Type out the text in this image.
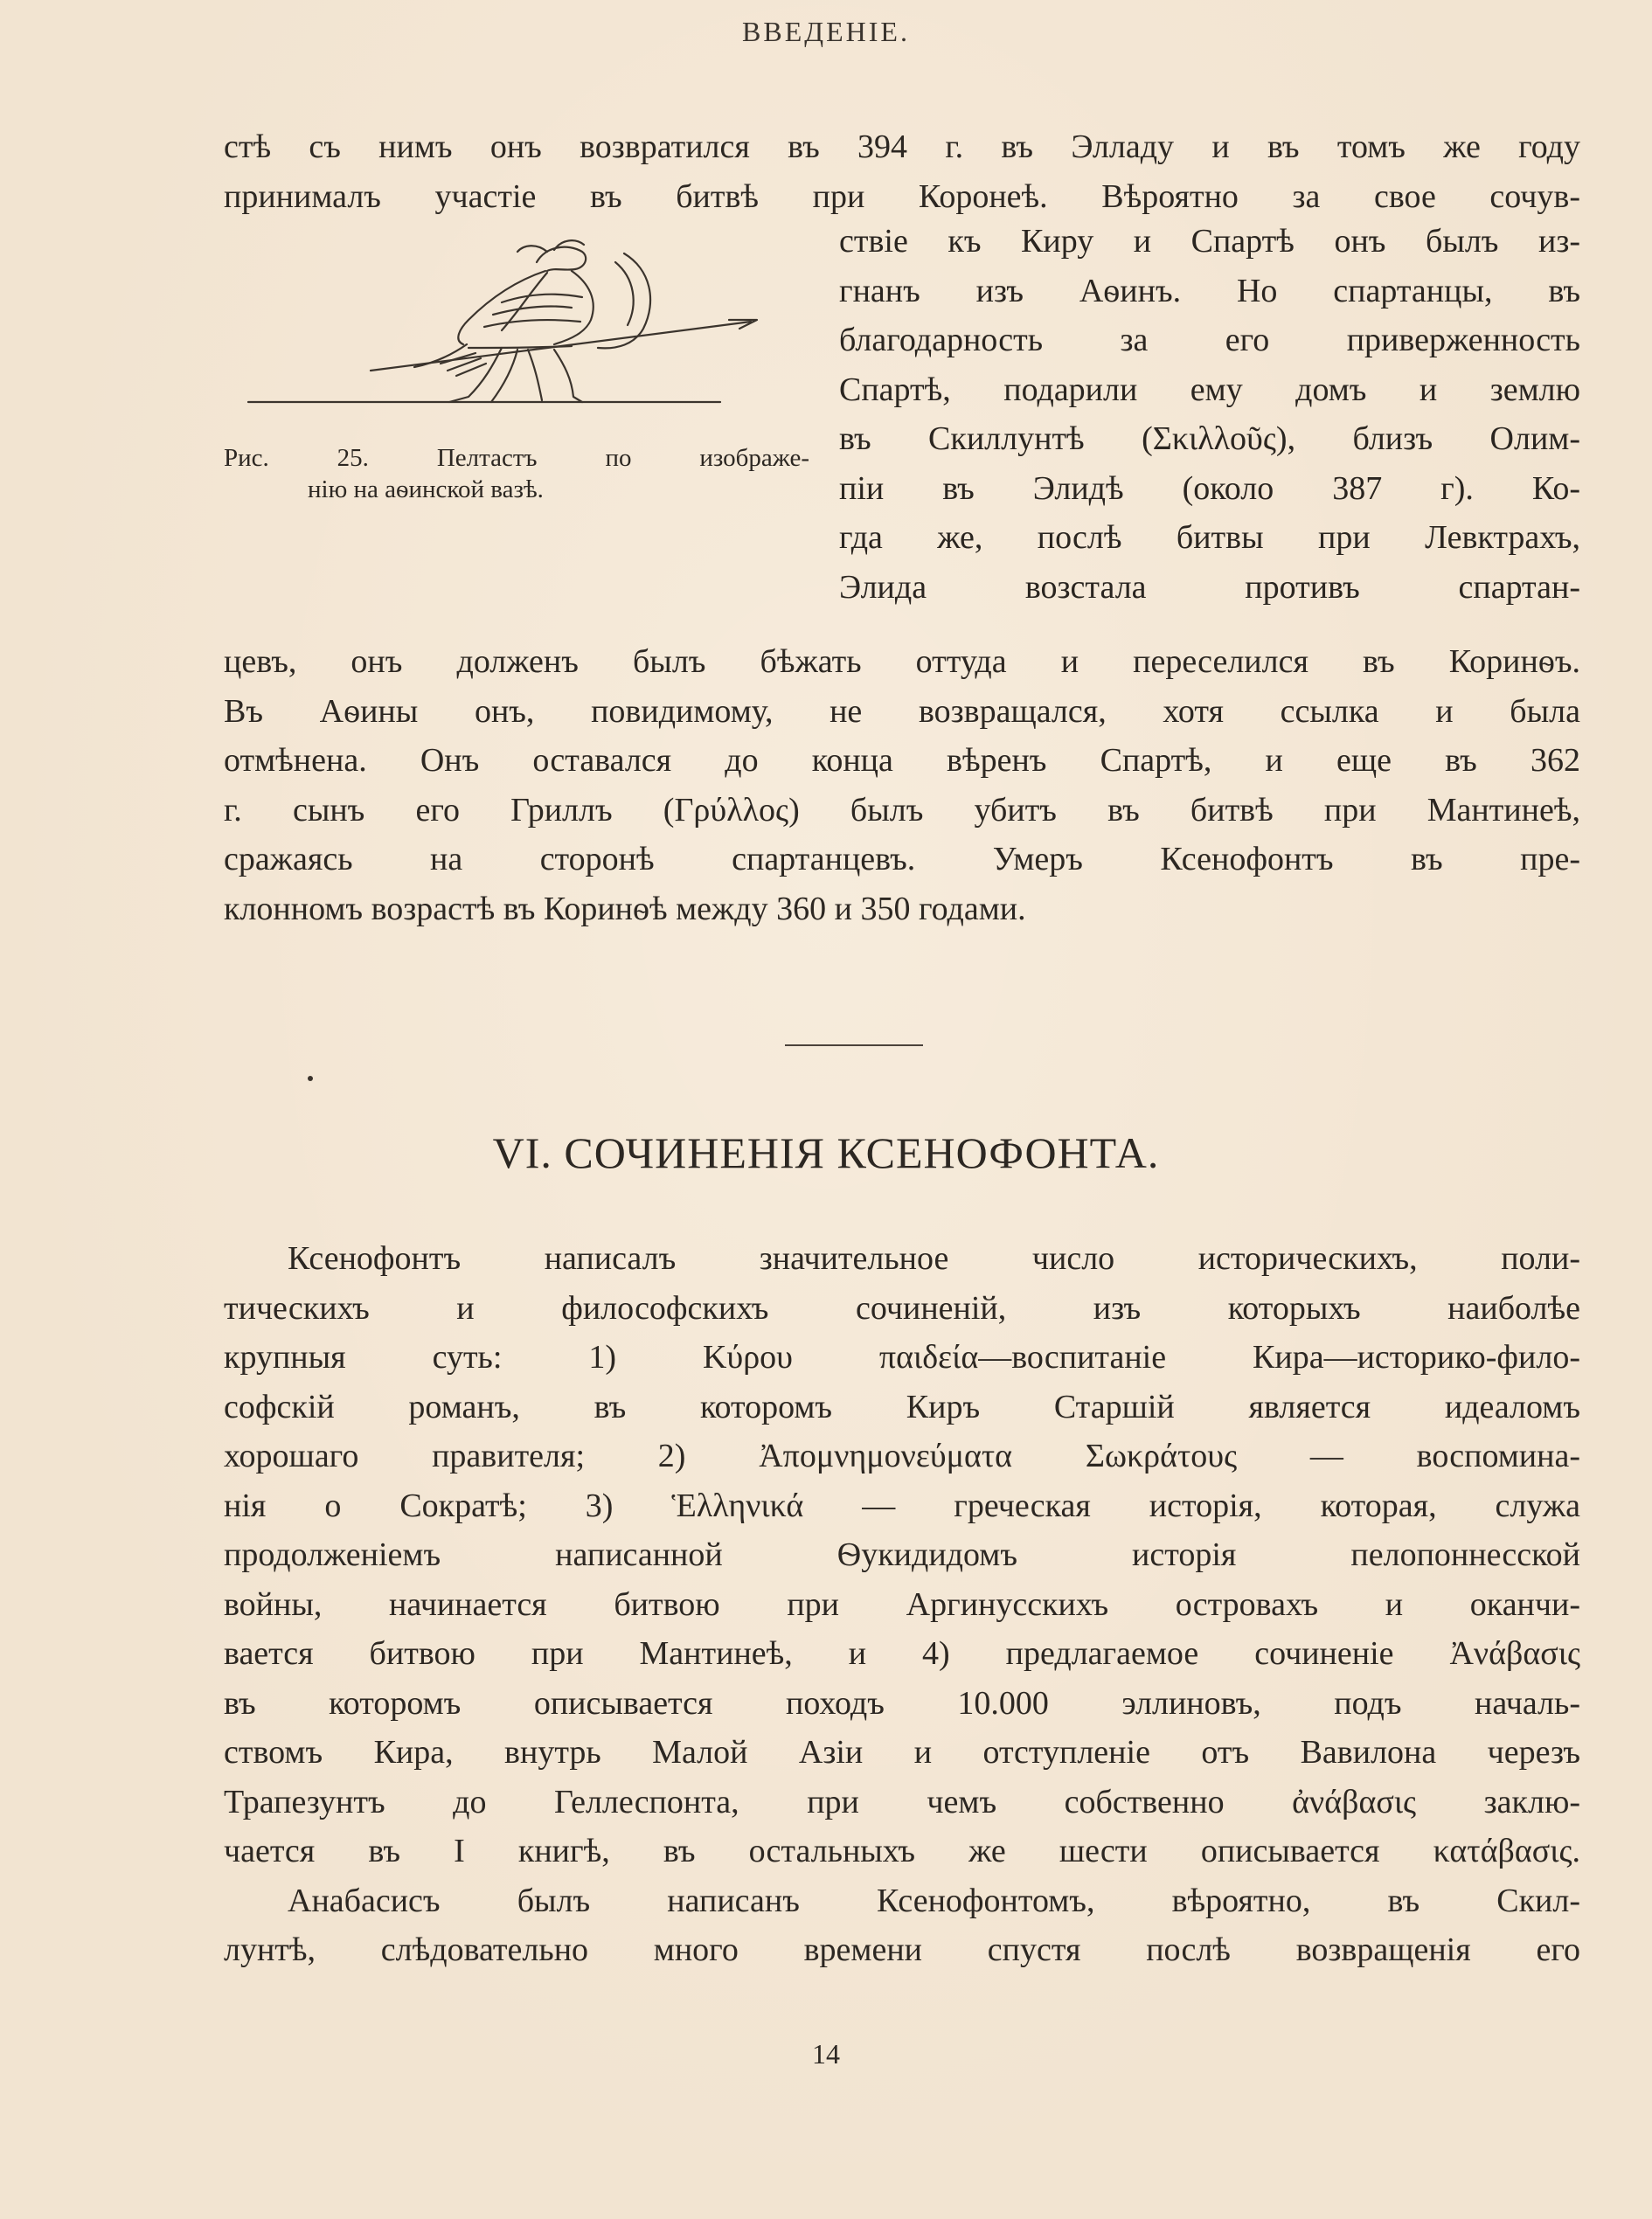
ВВЕДЕНІЕ.
стѣ съ нимъ онъ возвратился въ 394 г. въ Элладу и въ томъ же году
принималъ участіе въ битвѣ при Коронеѣ. Вѣроятно за свое сочув-
Рис. 25. Пелтастъ по изображе-
нію на аѳинской вазѣ.
ствіе къ Киру и Спартѣ онъ былъ из-
гнанъ изъ Аѳинъ. Но спартанцы, въ
благодарность за его приверженность
Спартѣ, подарили ему домъ и землю
въ Скиллунтѣ (Σκιλλοῦς), близъ Олим-
піи въ Элидѣ (около 387 г). Ко-
гда же, послѣ битвы при Левктрахъ,
Элида возстала противъ спартан-
цевъ, онъ долженъ былъ бѣжать оттуда и переселился въ Коринѳъ.
Въ Аѳины онъ, повидимому, не возвращался, хотя ссылка и была
отмѣнена. Онъ оставался до конца вѣренъ Спартѣ, и еще въ 362
г. сынъ его Гриллъ (Γρύλλος) былъ убитъ въ битвѣ при Мантинеѣ,
сражаясь на сторонѣ спартанцевъ. Умеръ Ксенофонтъ въ пре-
клонномъ возрастѣ въ Коринѳѣ между 360 и 350 годами.
VI. СОЧИНЕНІЯ КСЕНОФОНТА.
Ксенофонтъ написалъ значительное число историческихъ, поли-
тическихъ и философскихъ сочиненій, изъ которыхъ наиболѣе
крупныя суть: 1) Κύρου παιδεία—воспитаніе Кира—историко-фило-
софскій романъ, въ которомъ Киръ Старшій является идеаломъ
хорошаго правителя; 2) Ἀπομνημονεύματα Σωκράτους — воспомина-
нія о Сократѣ; 3) Ἑλληνικά — греческая исторія, которая, служа
продолженіемъ написанной Ѳукидидомъ исторія пелопоннесской
войны, начинается битвою при Аргинусскихъ островахъ и оканчи-
вается битвою при Мантинеѣ, и 4) предлагаемое сочиненіе Ἀνάβασις
въ которомъ описывается походъ 10.000 эллиновъ, подъ началь-
ствомъ Кира, внутрь Малой Азіи и отступленіе отъ Вавилона черезъ
Трапезунтъ до Геллеспонта, при чемъ собственно ἀνάβασις заклю-
чается въ I книгѣ, въ остальныхъ же шести описывается κατάβασις.
Анабасисъ былъ написанъ Ксенофонтомъ, вѣроятно, въ Скил-
лунтѣ, слѣдовательно много времени спустя послѣ возвращенія его
14
